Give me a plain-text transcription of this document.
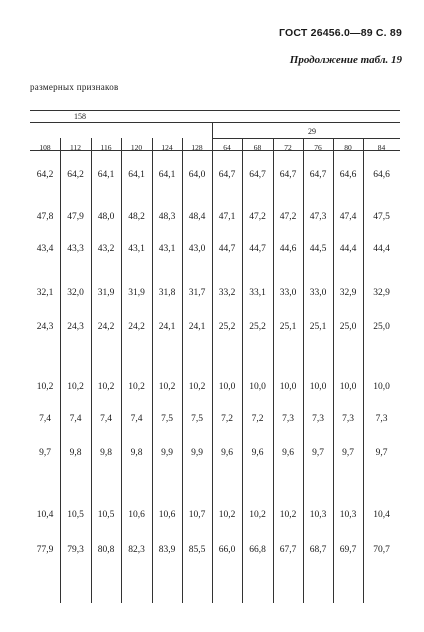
ГОСТ 26456.0—89 С. 89
Продолжение табл. 19
размерных признаков
158
29
108	112	116	120	124	128	64	68	72	76	80	84
64,2 64,2 64,1 64,1 64,1 64,0 64,7 64,7 64,7 64,7 64,6 64,6
47,8 47,9 48,0 48,2 48,3 48,4 47,1 47,2 47,2 47,3 47,4 47,5
43,4 43,3 43,2 43,1 43,1 43,0 44,7 44,7 44,6 44,5 44,4 44,4
32,1 32,0 31,9 31,9 31,8 31,7 33,2 33,1 33,0 33,0 32,9 32,9
24,3 24,3 24,2 24,2 24,1 24,1 25,2 25,2 25,1 25,1 25,0 25,0
10,2 10,2 10,2 10,2 10,2 10,2 10,0 10,0 10,0 10,0 10,0 10,0
7,4	7,4	7,4	7,4	7,5	7,5	7,2	7,2	7,3	7,3	7,3	7,3
9,7	9,8	9,8	9,8	9,9	9,9	9,6	9,6	9,6	9,7	9,7	9,7
10,4 10,5 10,5 10,6 10,6 10,7 10,2 10,2 10,2 10,3 10,3 10,4
77,9 79,3 80,8 82,3 83,9 85,5 66,0 66,8 67,7 68,7 69,7 70,7
